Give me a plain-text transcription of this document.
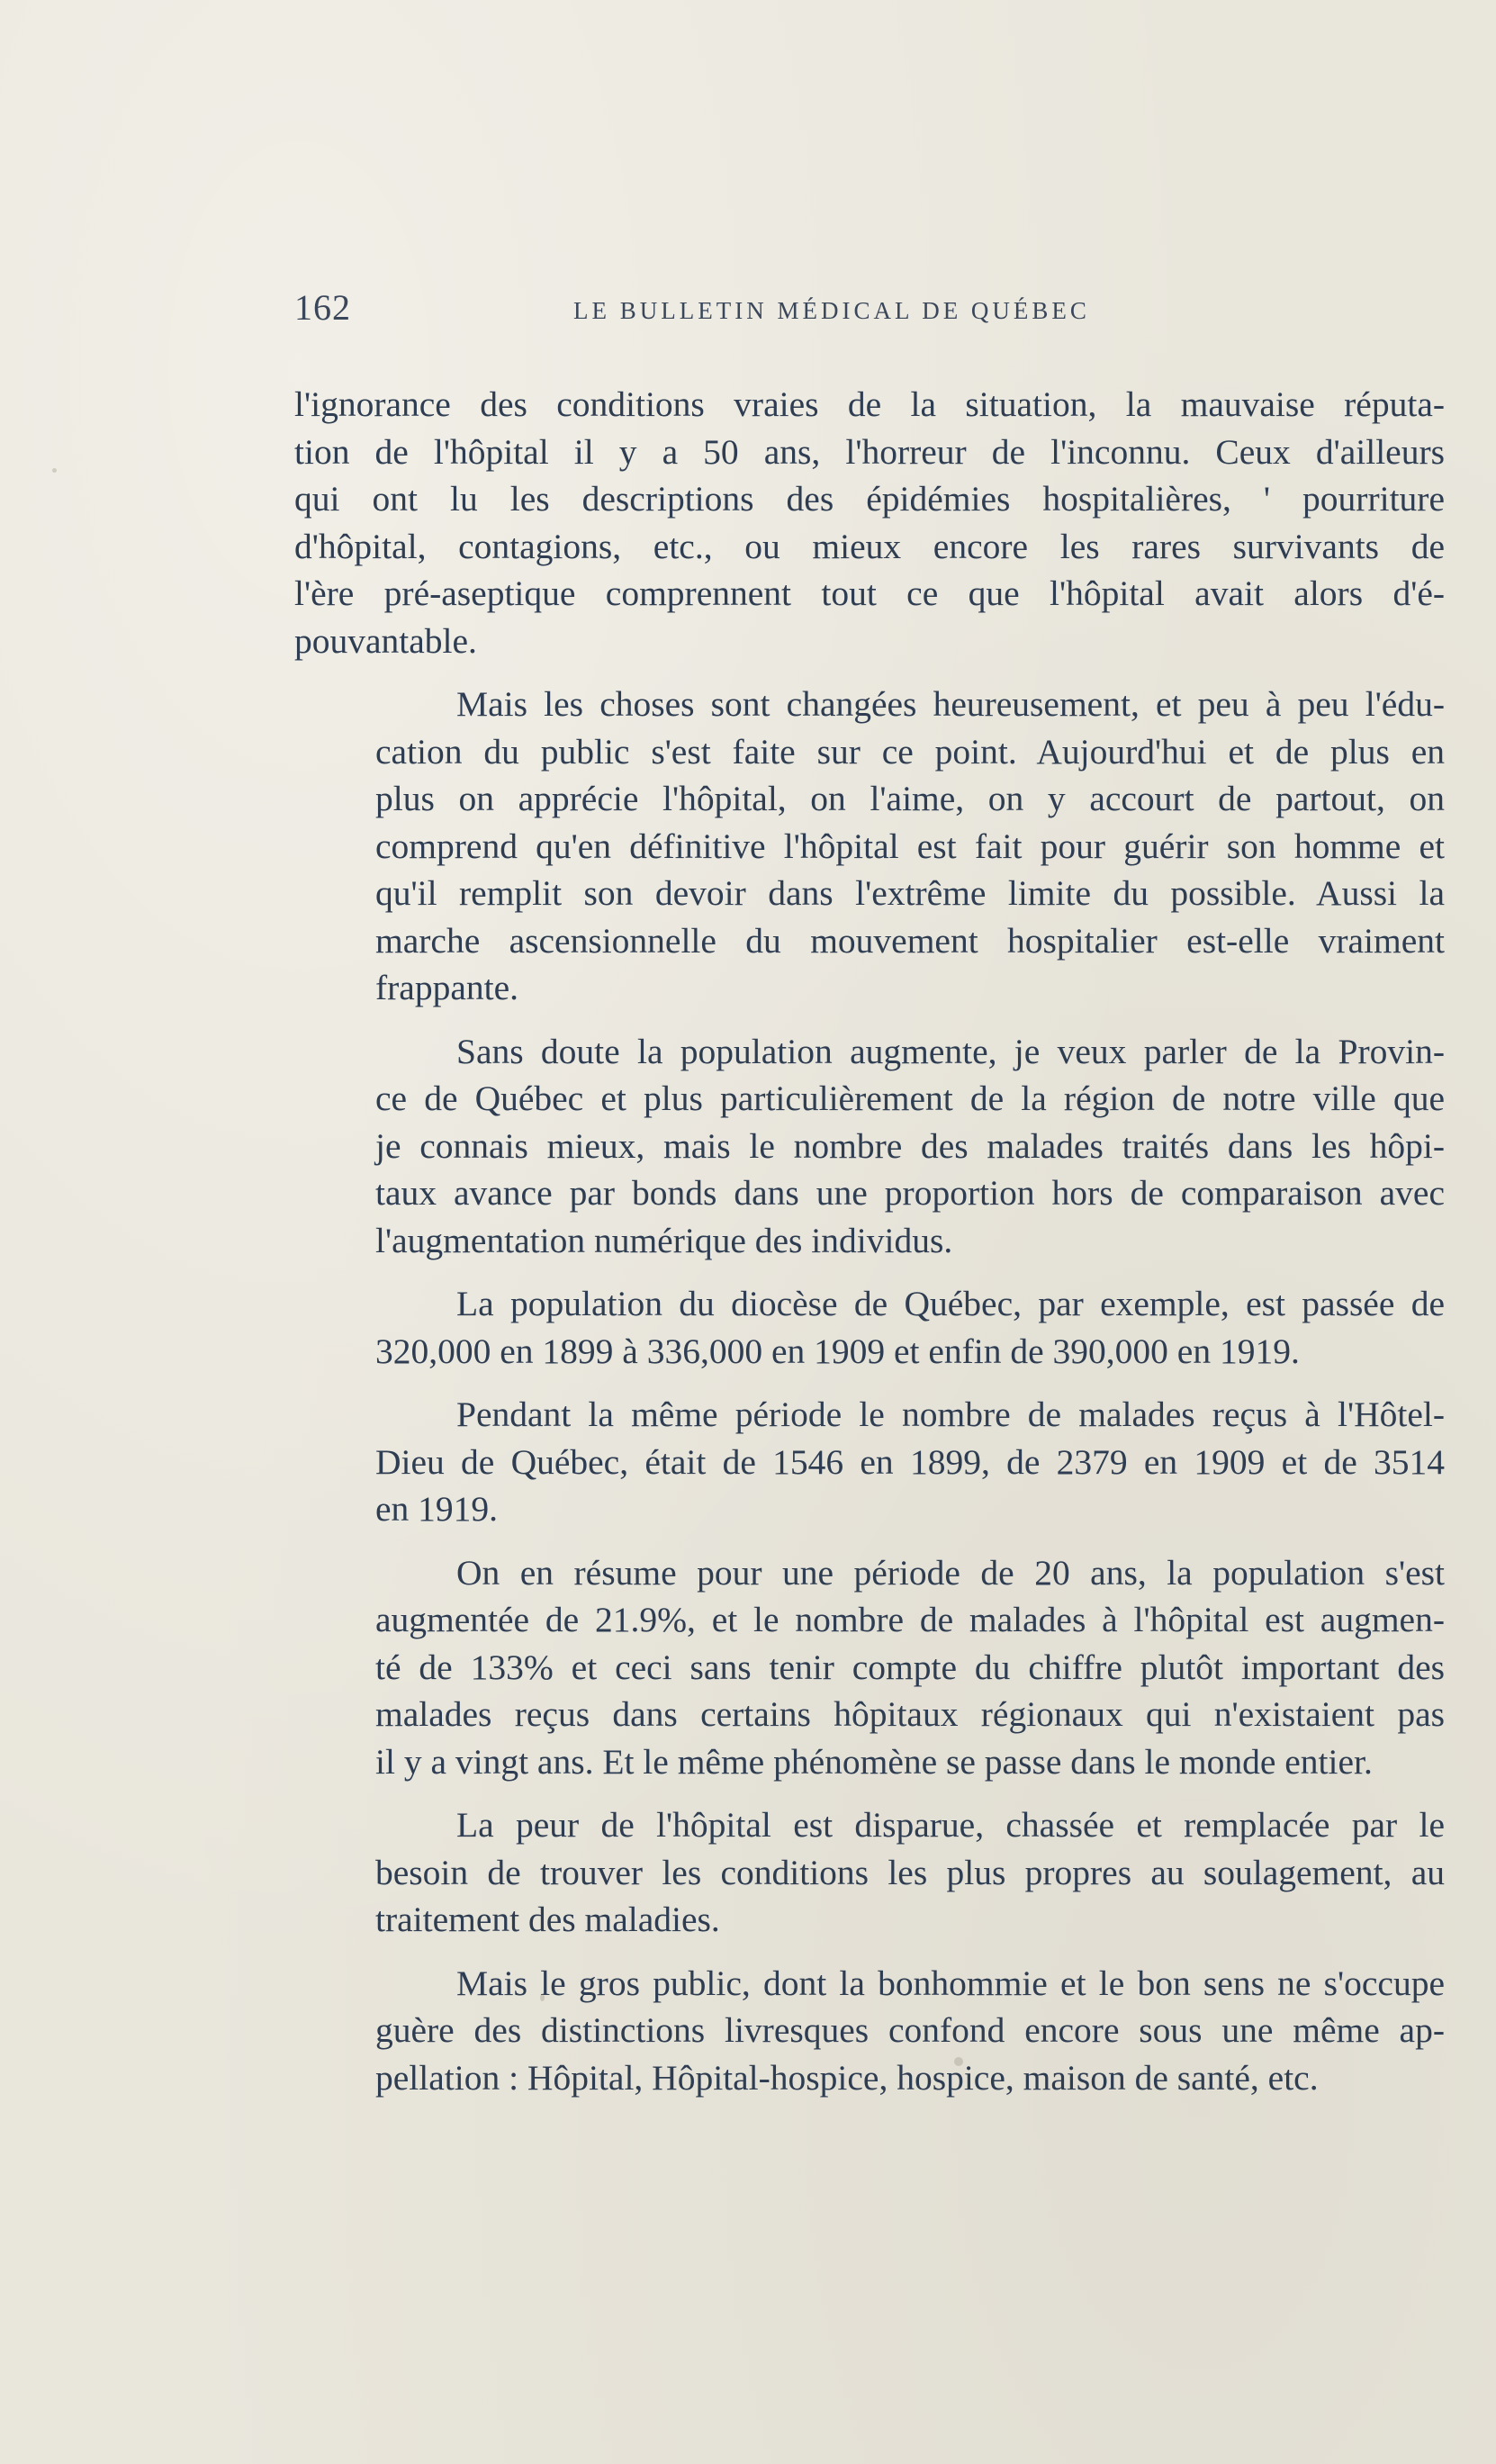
162	LE BULLETIN MÉDICAL DE QUÉBEC

l'ignorance des conditions vraies de la situation, la mauvaise réputa-
tion de l'hôpital il y a 50 ans, l'horreur de l'inconnu. Ceux d'ailleurs
qui ont lu les descriptions des épidémies hospitalières, ' pourriture
d'hôpital, contagions, etc., ou mieux encore les rares survivants de
l'ère pré-aseptique comprennent tout ce que l'hôpital avait alors d'é-
pouvantable.

Mais les choses sont changées heureusement, et peu à peu l'édu-
cation du public s'est faite sur ce point. Aujourd'hui et de plus en
plus on apprécie l'hôpital, on l'aime, on y accourt de partout, on
comprend qu'en définitive l'hôpital est fait pour guérir son homme et
qu'il remplit son devoir dans l'extrême limite du possible. Aussi la
marche ascensionnelle du mouvement hospitalier est-elle vraiment
frappante.

Sans doute la population augmente, je veux parler de la Provin-
ce de Québec et plus particulièrement de la région de notre ville que
je connais mieux, mais le nombre des malades traités dans les hôpi-
taux avance par bonds dans une proportion hors de comparaison avec
l'augmentation numérique des individus.

La population du diocèse de Québec, par exemple, est passée de
320,000 en 1899 à 336,000 en 1909 et enfin de 390,000 en 1919.

Pendant la même période le nombre de malades reçus à l'Hôtel-
Dieu de Québec, était de 1546 en 1899, de 2379 en 1909 et de 3514
en 1919.

On en résume pour une période de 20 ans, la population s'est
augmentée de 21.9%, et le nombre de malades à l'hôpital est augmen-
té de 133% et ceci sans tenir compte du chiffre plutôt important des
malades reçus dans certains hôpitaux régionaux qui n'existaient pas
il y a vingt ans. Et le même phénomène se passe dans le monde entier.

La peur de l'hôpital est disparue, chassée et remplacée par le
besoin de trouver les conditions les plus propres au soulagement, au
traitement des maladies.

Mais le gros public, dont la bonhommie et le bon sens ne s'occupe
guère des distinctions livresques confond encore sous une même ap-
pellation : Hôpital, Hôpital-hospice, hospice, maison de santé, etc.
